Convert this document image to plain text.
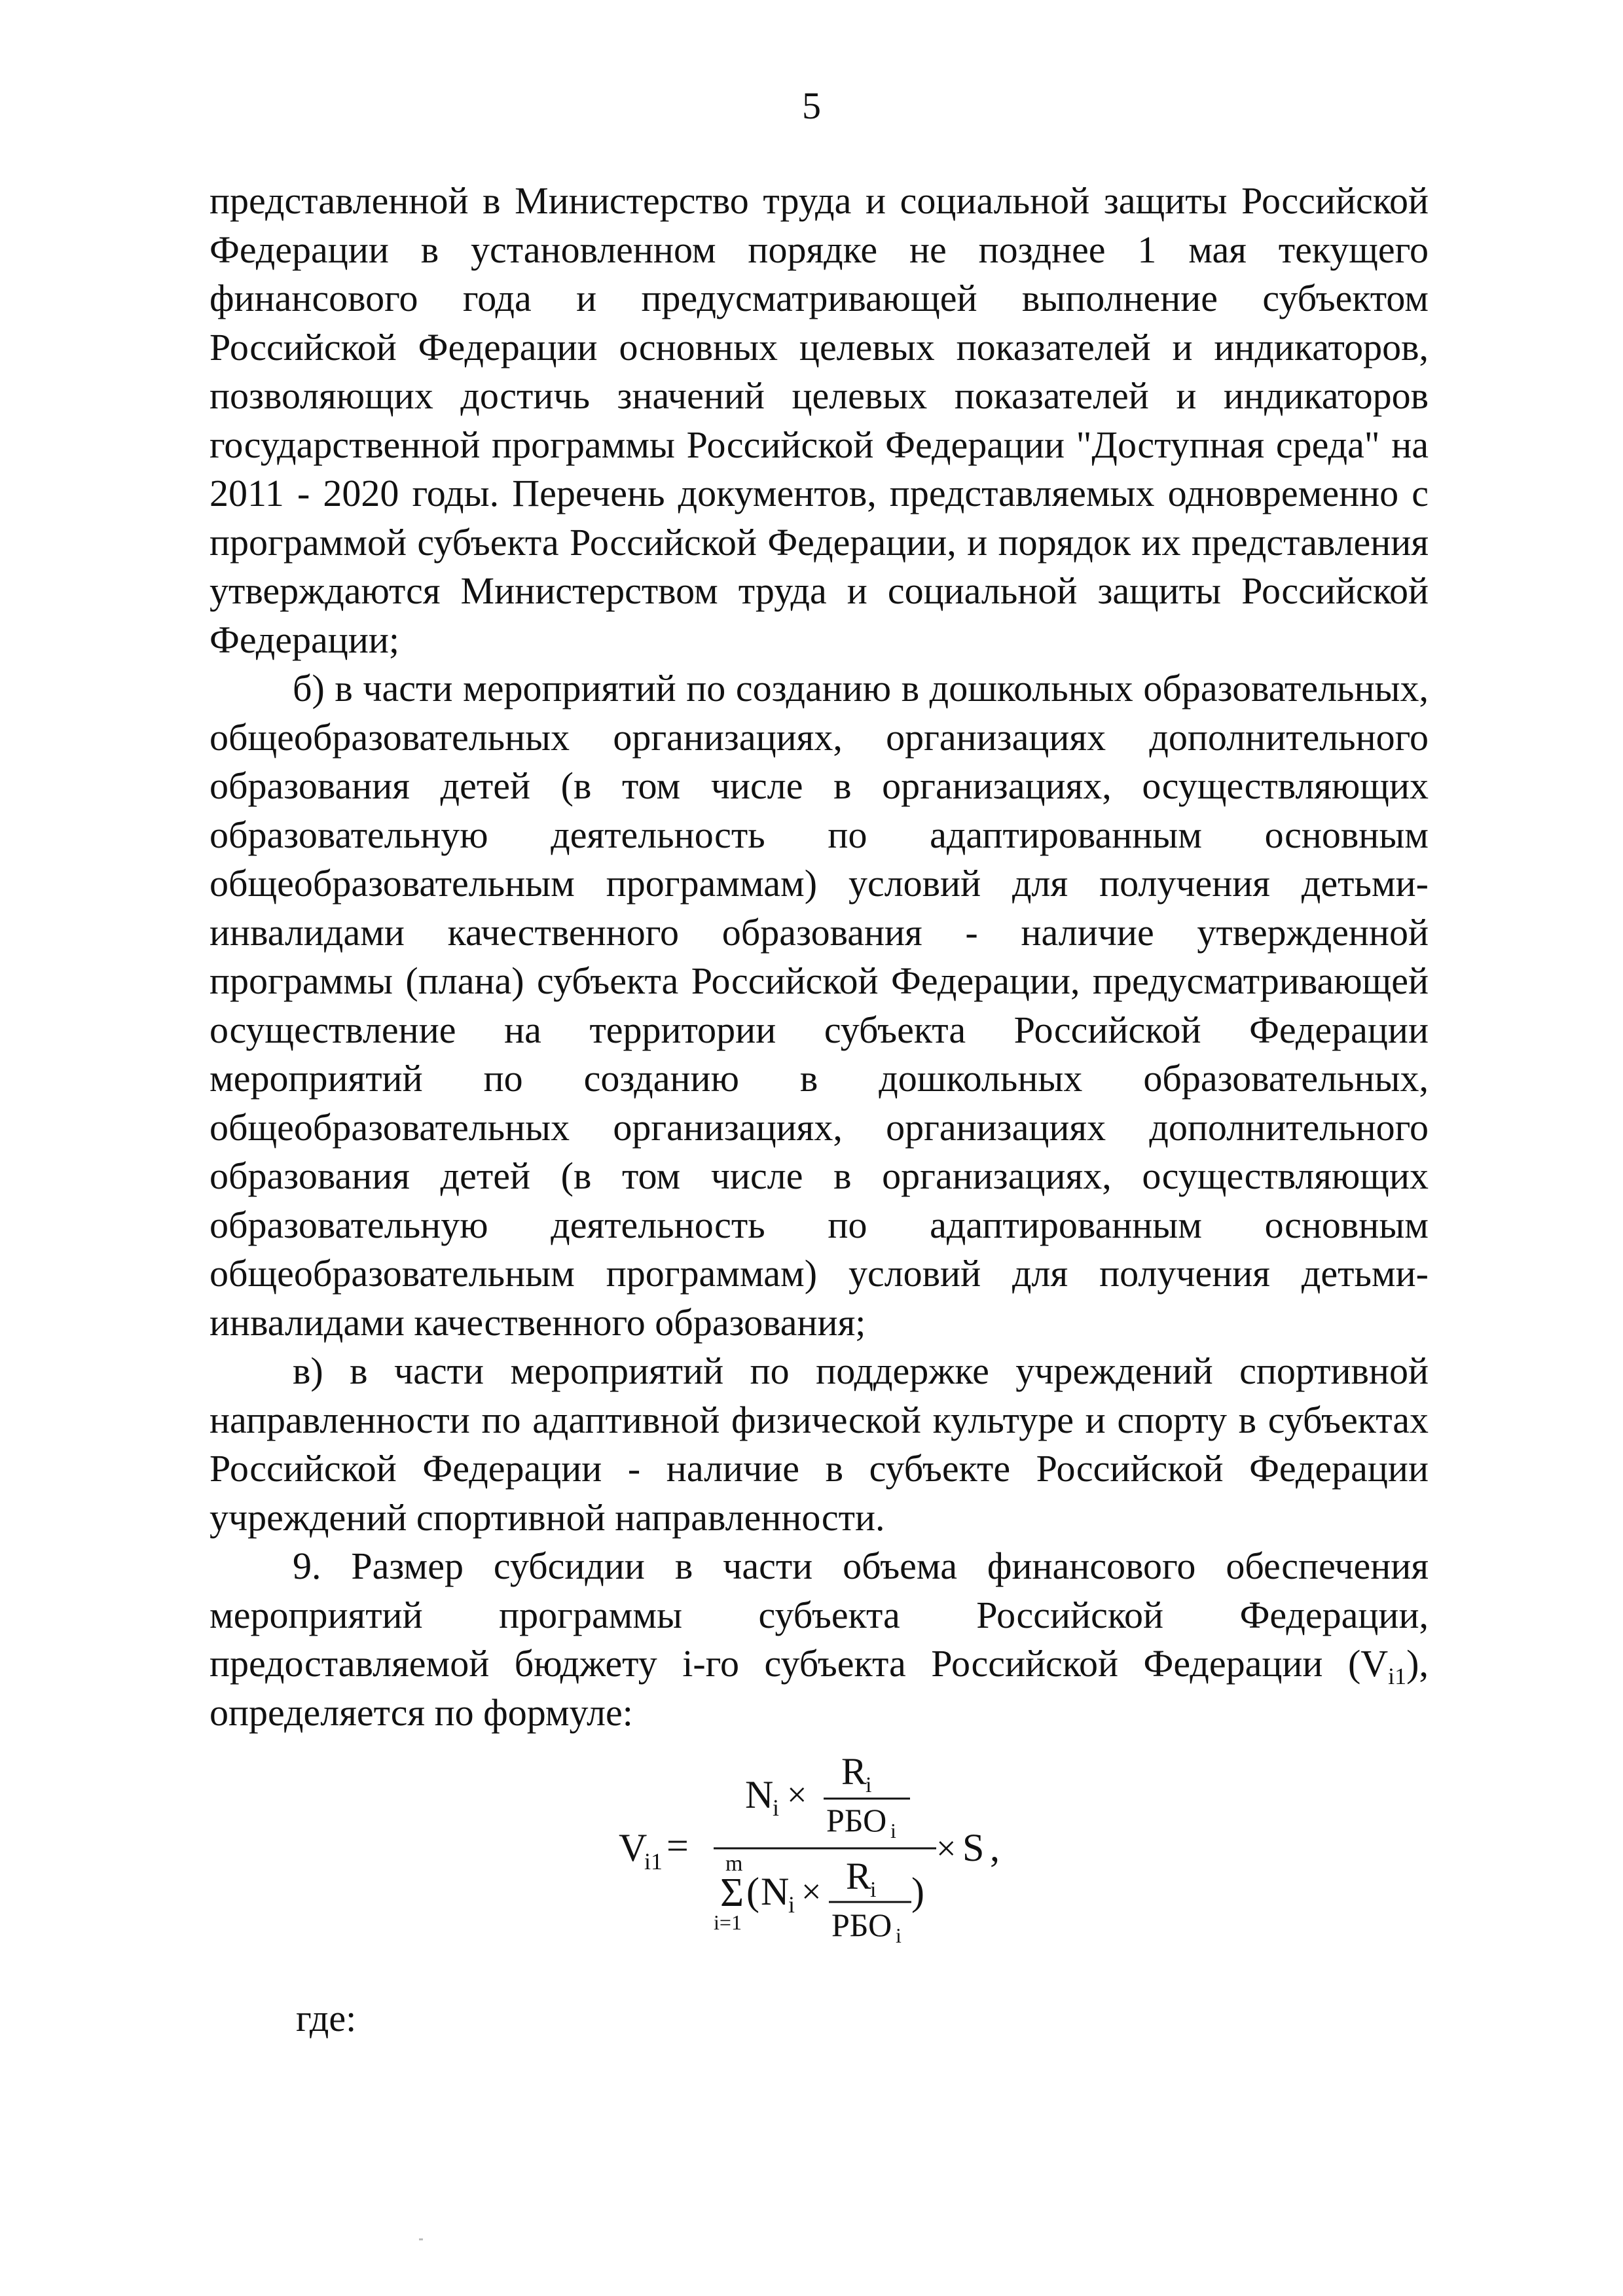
5

представленной в Министерство труда и социальной защиты Российской Федерации в установленном порядке не позднее 1 мая текущего финансового года и предусматривающей выполнение субъектом Российской Федерации основных целевых показателей и индикаторов, позволяющих достичь значений целевых показателей и индикаторов государственной программы Российской Федерации "Доступная среда" на 2011 - 2020 годы. Перечень документов, представляемых одновременно с программой субъекта Российской Федерации, и порядок их представления утверждаются Министерством труда и социальной защиты Российской Федерации;

б) в части мероприятий по созданию в дошкольных образовательных, общеобразовательных организациях, организациях дополнительного образования детей (в том числе в организациях, осуществляющих образовательную деятельность по адаптированным основным общеобразовательным программам) условий для получения детьми-инвалидами качественного образования - наличие утвержденной программы (плана) субъекта Российской Федерации, предусматривающей осуществление на территории субъекта Российской Федерации мероприятий по созданию в дошкольных образовательных, общеобразовательных организациях, организациях дополнительного образования детей (в том числе в организациях, осуществляющих образовательную деятельность по адаптированным основным общеобразовательным программам) условий для получения детьми-инвалидами качественного образования;

в) в части мероприятий по поддержке учреждений спортивной направленности по адаптивной физической культуре и спорту в субъектах Российской Федерации - наличие в субъекте Российской Федерации учреждений спортивной направленности.

9. Размер субсидии в части объема финансового обеспечения мероприятий программы субъекта Российской Федерации, предоставляемой бюджету i-го субъекта Российской Федерации $(V_{i1})$, определяется по формуле:

V
i1 =
N
i ×
R
i
РБО i × S ,
m
Σ
i=1
( N
i × R
i
РБО i
)
где:
